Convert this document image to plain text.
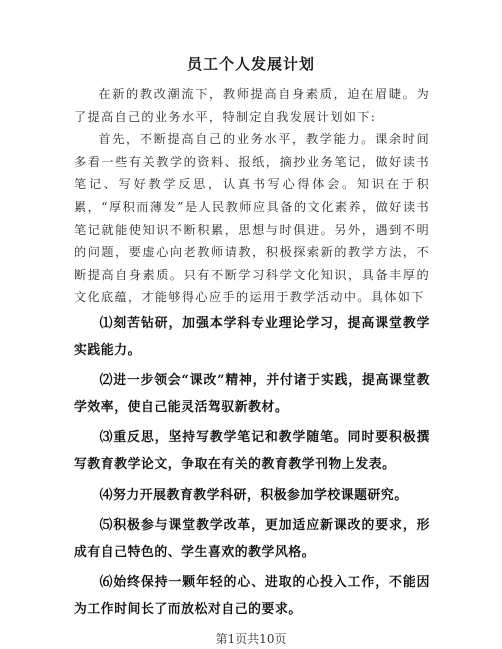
员工个人发展计划

在新的教改潮流下，教师提高自身素质，迫在眉睫。为了提高自己的业务水平，特制定自我发展计划如下:

首先，不断提高自己的业务水平，教学能力。课余时间多看一些有关教学的资料、报纸，摘抄业务笔记，做好读书笔记、写好教学反思，认真书写心得体会。知识在于积累，“厚积而薄发”是人民教师应具备的文化素养，做好读书笔记就能使知识不断积累，思想与时俱进。另外，遇到不明的问题，要虚心向老教师请教，积极探索新的教学方法，不断提高自身素质。只有不断学习科学文化知识，具备丰厚的文化底蕴，才能够得心应手的运用于教学活动中。具体如下

⑴刻苦钻研，加强本学科专业理论学习，提高课堂教学实践能力。

⑵进一步领会“课改”精神，并付诸于实践，提高课堂教学效率，使自己能灵活驾驭新教材。

⑶重反思，坚持写教学笔记和教学随笔。同时要积极撰写教育教学论文，争取在有关的教育教学刊物上发表。

⑷努力开展教育教学科研，积极参加学校课题研究。

⑸积极参与课堂教学改革，更加适应新课改的要求，形成有自己特色的、学生喜欢的教学风格。

⑹始终保持一颗年轻的心、进取的心投入工作，不能因为工作时间长了而放松对自己的要求。

第1页共10页
